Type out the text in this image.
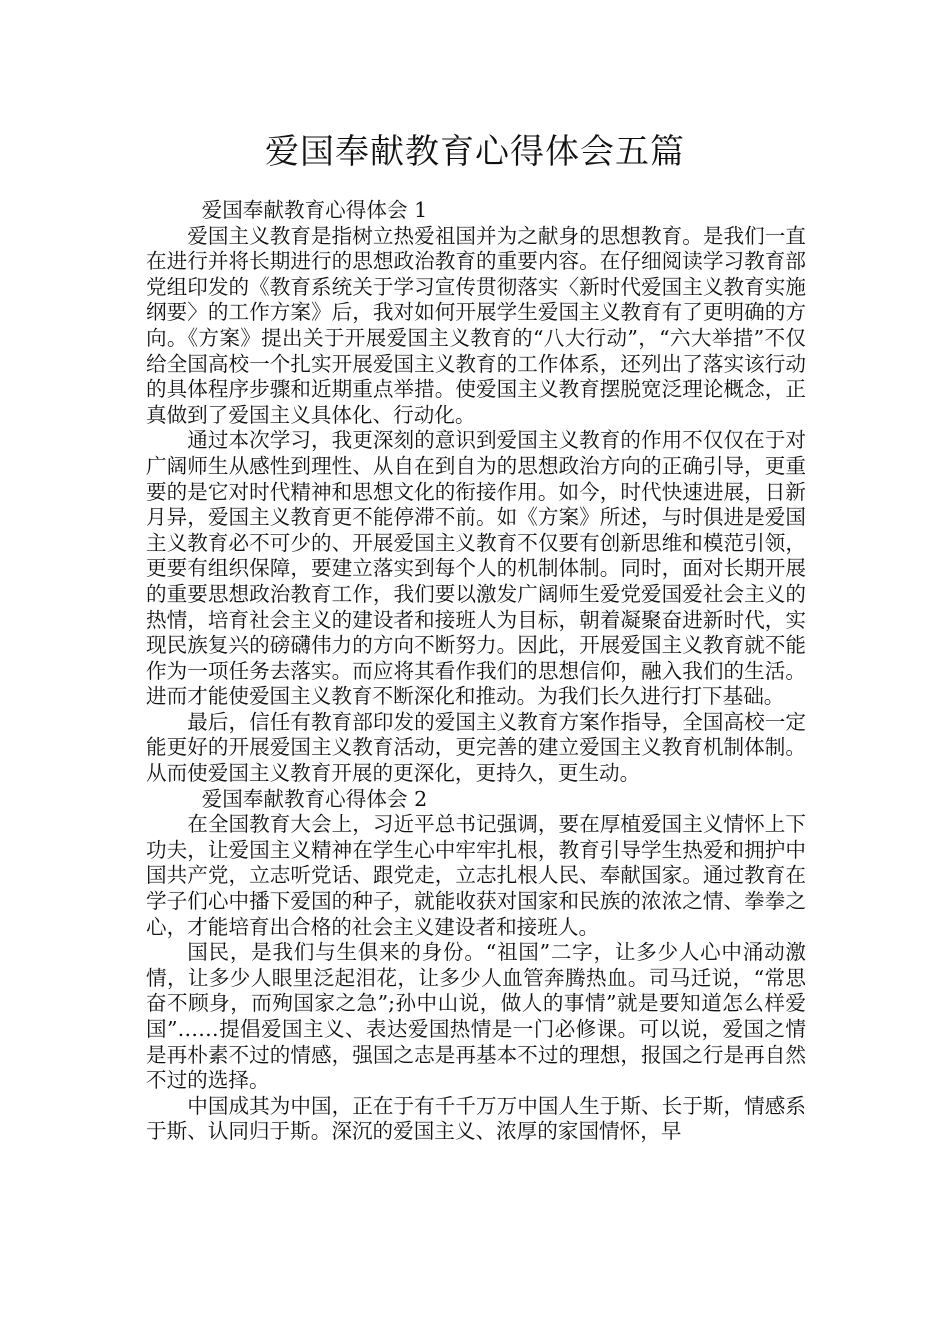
爱国奉献教育心得体会五篇

爱国奉献教育心得体会 1

爱国主义教育是指树立热爱祖国并为之献身的思想教育。是我们一直在进行并将长期进行的思想政治教育的重要内容。在仔细阅读学习教育部党组印发的《教育系统关于学习宣传贯彻落实〈新时代爱国主义教育实施纲要〉的工作方案》后，我对如何开展学生爱国主义教育有了更明确的方向。《方案》提出关于开展爱国主义教育的“八大行动”，“六大举措”不仅给全国高校一个扎实开展爱国主义教育的工作体系，还列出了落实该行动的具体程序步骤和近期重点举措。使爱国主义教育摆脱宽泛理论概念，正真做到了爱国主义具体化、行动化。

通过本次学习，我更深刻的意识到爱国主义教育的作用不仅仅在于对广阔师生从感性到理性、从自在到自为的思想政治方向的正确引导，更重要的是它对时代精神和思想文化的衔接作用。如今，时代快速进展，日新月异，爱国主义教育更不能停滞不前。如《方案》所述，与时俱进是爱国主义教育必不可少的、开展爱国主义教育不仅要有创新思维和模范引领，更要有组织保障，要建立落实到每个人的机制体制。同时，面对长期开展的重要思想政治教育工作，我们要以激发广阔师生爱党爱国爱社会主义的热情，培育社会主义的建设者和接班人为目标，朝着凝聚奋进新时代，实现民族复兴的磅礴伟力的方向不断努力。因此，开展爱国主义教育就不能作为一项任务去落实。而应将其看作我们的思想信仰，融入我们的生活。进而才能使爱国主义教育不断深化和推动。为我们长久进行打下基础。

最后，信任有教育部印发的爱国主义教育方案作指导，全国高校一定能更好的开展爱国主义教育活动，更完善的建立爱国主义教育机制体制。从而使爱国主义教育开展的更深化，更持久，更生动。

爱国奉献教育心得体会 2

在全国教育大会上，习近平总书记强调，要在厚植爱国主义情怀上下功夫，让爱国主义精神在学生心中牢牢扎根，教育引导学生热爱和拥护中国共产党，立志听党话、跟党走，立志扎根人民、奉献国家。通过教育在学子们心中播下爱国的种子，就能收获对国家和民族的浓浓之情、拳拳之心，才能培育出合格的社会主义建设者和接班人。

国民，是我们与生俱来的身份。“祖国”二字，让多少人心中涌动激情，让多少人眼里泛起泪花，让多少人血管奔腾热血。司马迁说，“常思奋不顾身，而殉国家之急”;孙中山说，做人的事情”就是要知道怎么样爱国”……提倡爱国主义、表达爱国热情是一门必修课。可以说，爱国之情是再朴素不过的情感，强国之志是再基本不过的理想，报国之行是再自然不过的选择。

中国成其为中国，正在于有千千万万中国人生于斯、长于斯，情感系于斯、认同归于斯。深沉的爱国主义、浓厚的家国情怀，早
